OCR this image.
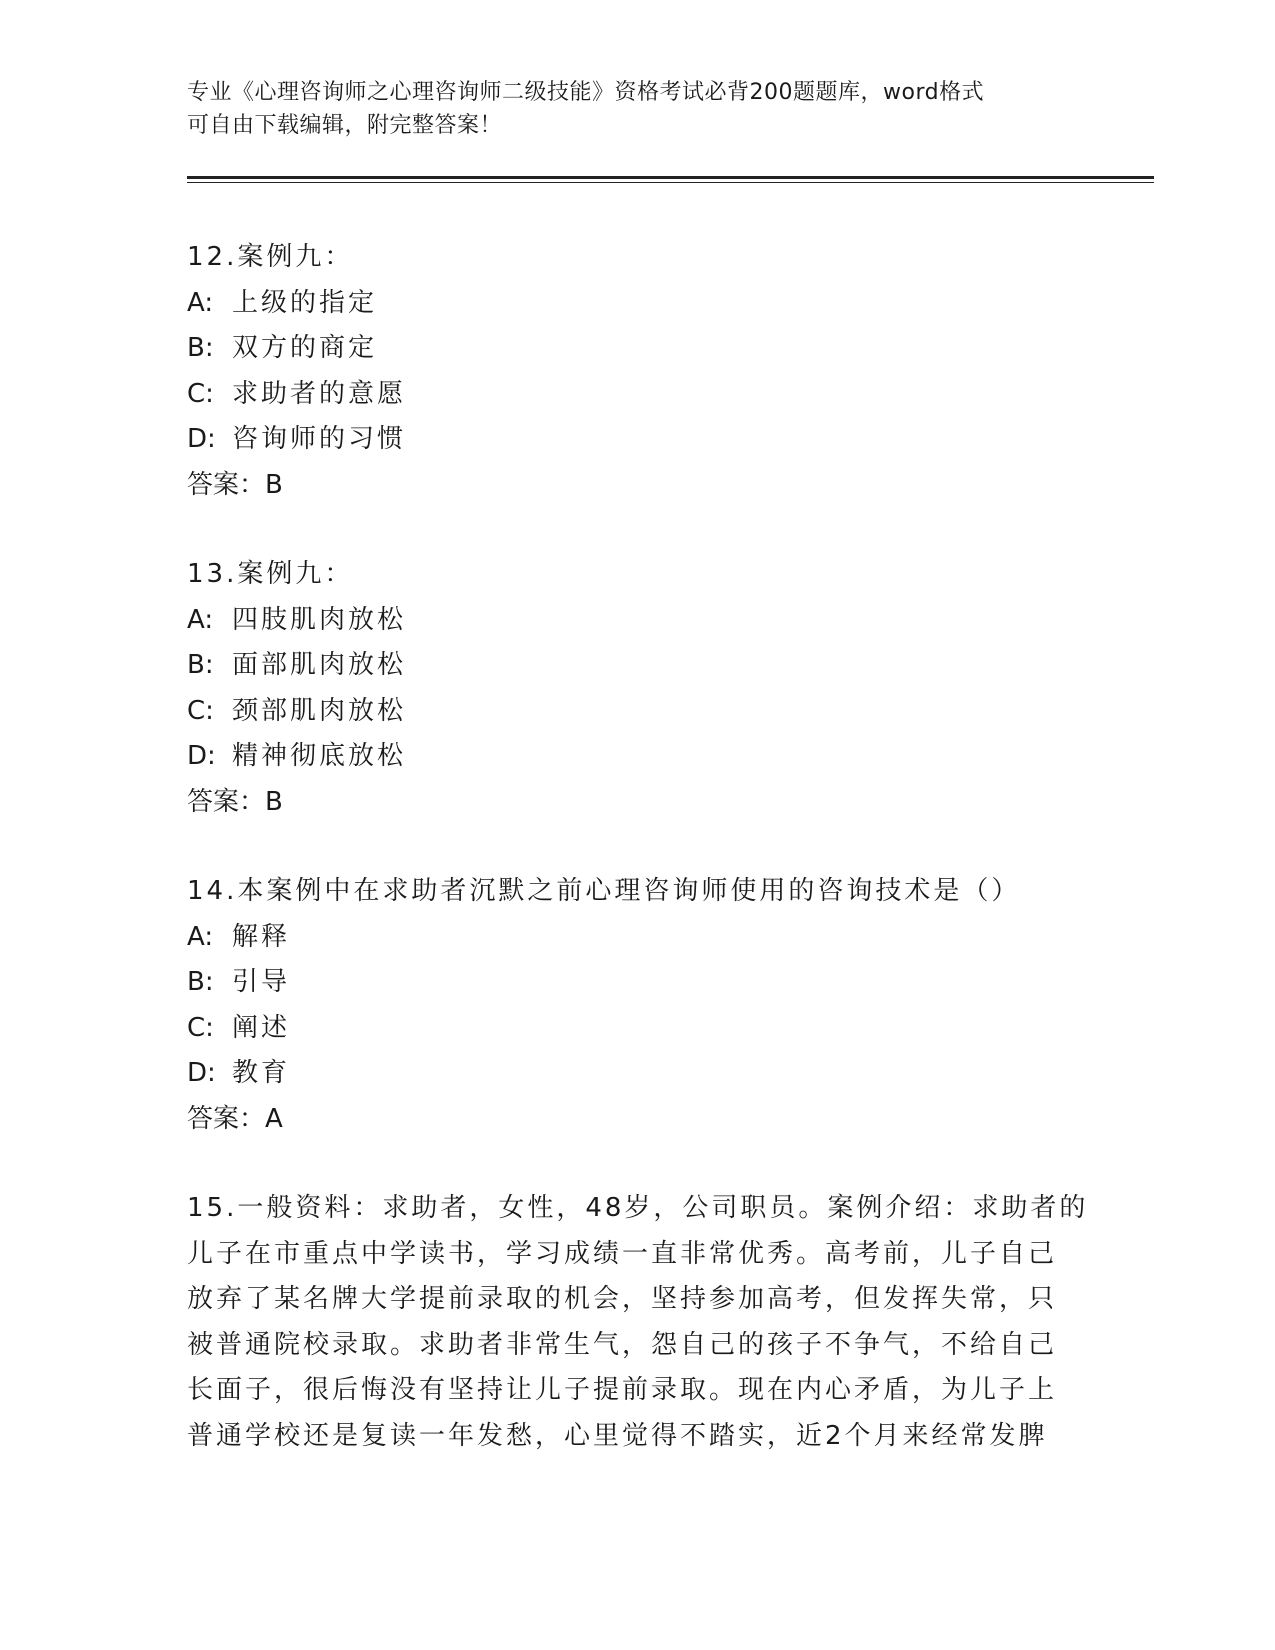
专业《心理咨询师之心理咨询师二级技能》资格考试必背200题题库，word格式
可自由下载编辑，附完整答案！
12.案例九：
A: 上级的指定
B: 双方的商定
C: 求助者的意愿
D: 咨询师的习惯
答案：B
13.案例九：
A: 四肢肌肉放松
B: 面部肌肉放松
C: 颈部肌肉放松
D: 精神彻底放松
答案：B
14.本案例中在求助者沉默之前心理咨询师使用的咨询技术是（）
A: 解释
B: 引导
C: 阐述
D: 教育
答案：A
15.一般资料：求助者，女性，48岁，公司职员。案例介绍：求助者的
儿子在市重点中学读书，学习成绩一直非常优秀。高考前，儿子自己
放弃了某名牌大学提前录取的机会，坚持参加高考，但发挥失常，只
被普通院校录取。求助者非常生气，怨自己的孩子不争气，不给自己
长面子，很后悔没有坚持让儿子提前录取。现在内心矛盾，为儿子上
普通学校还是复读一年发愁，心里觉得不踏实，近2个月来经常发脾
